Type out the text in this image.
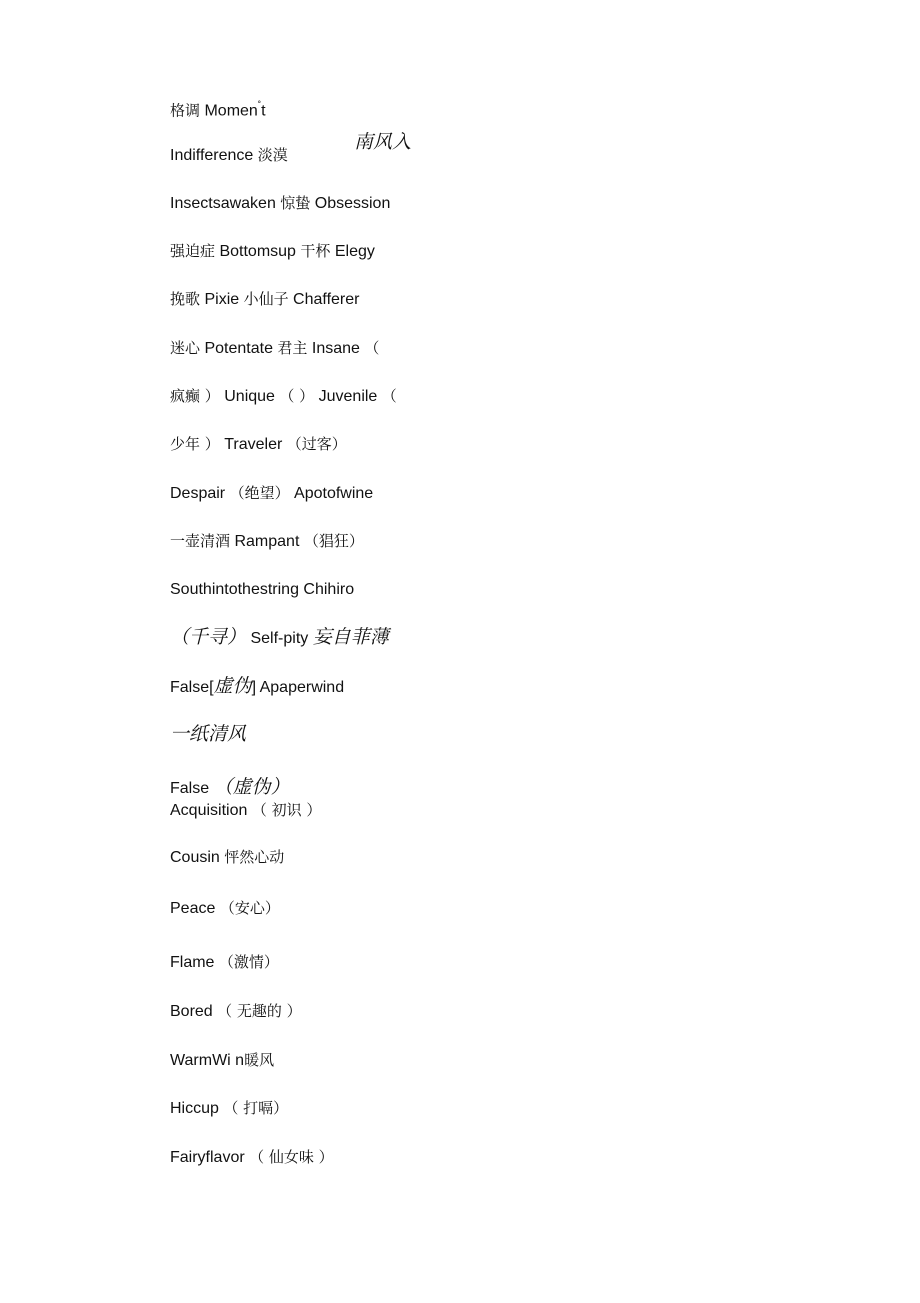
格调 Momen˚t
南风入
Indifference 淡漠
Insectsawaken 惊蛰 Obsession
强迫症 Bottomsup 干杯 Elegy
挽歌 Pixie 小仙子 Chafferer
迷心 Potentate 君主 Insane （
疯癫 ） Unique （ ） Juvenile （
少年 ） Traveler （过客）
Despair （绝望） Apotofwine
一壶清酒 Rampant （猖狂）
Southintothestring Chihiro
（千寻） Self-pity 妄自菲薄
False[虚伪] Apaperwind
一纸清风
False （虚伪）
Acquisition （ 初识 ）
Cousin 怦然心动
Peace （安心）
Flame （激情）
Bored （ 无趣的 ）
WarmWi n暖风
Hiccup （ 打嗝）
Fairyflavor （ 仙女味 ）
